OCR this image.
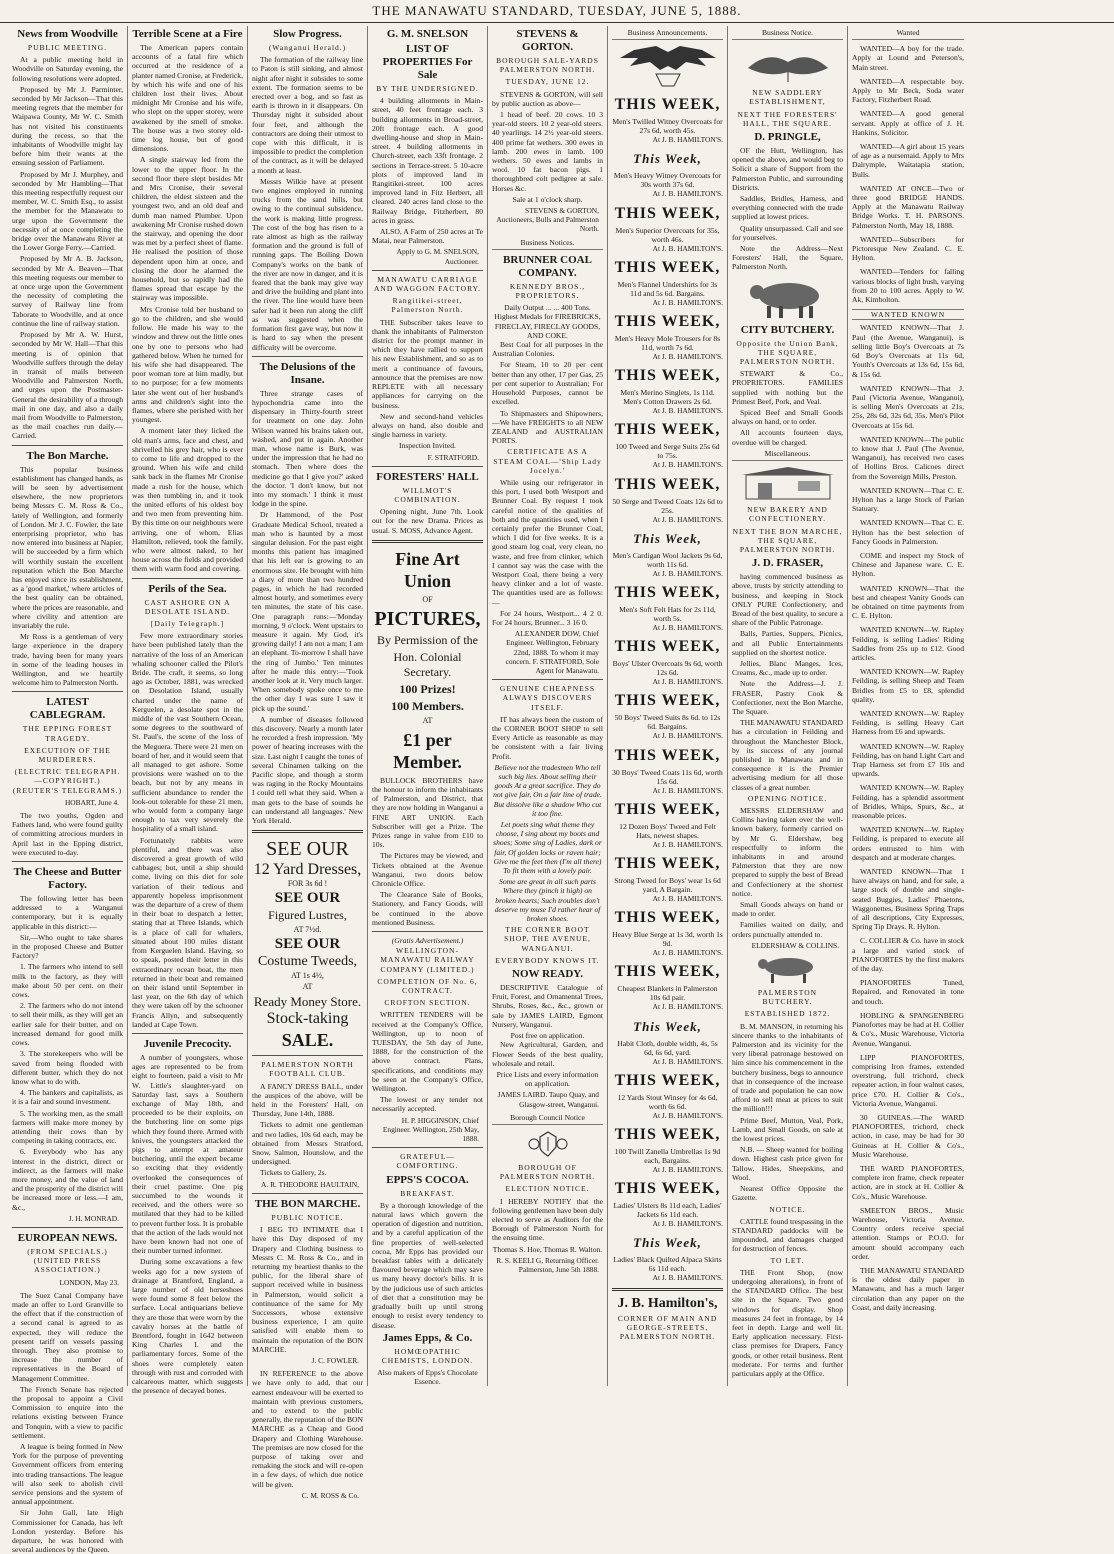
THE MANAWATU STANDARD, TUESDAY, JUNE 5, 1888.
News from Woodville
PUBLIC MEETING.

At a public meeting held in Woodville on Saturday evening, the following resolutions were adopted.

Proposed by Mr J. Parminter, seconded by Mr Jackson—That this meeting regrets that the member for Waipawa County, Mr W. C. Smith has not visited his constituents during the recess, so that the inhabitants of Woodville might lay before him their wants at the ensuing session of Parliament.

Proposed by Mr J. Murphey, and seconded by Mr Hambling—That this meeting respectfully request our member, W. C. Smith Esq., to assist the member for the Manawatu to urge upon the Government the necessity of at once completing the bridge over the Manawatu River at the Lower Gorge Ferry.—Carried.

Proposed by Mr A. B. Jackson, seconded by Mr A. Beaven—That this meeting requests our member to at once urge upon the Government the necessity of completing the survey of Railway line from Taborate to Woodville, and at once continue the line of railway station.

Proposed by Mr A. W. Hurst, seconded by Mr W. Hall—That this meeting is of opinion that Woodville suffers through the delay in transit of mails between Woodville and Palmerston North, and urges upon the Postmaster-General the desirability of a through mail in one day, and also a daily mail from Woodville to Palmerston, as the mail coaches run daily.—Carried.

The Bon Marche.

This popular business establishment has changed hands, as will be seen by advertisement elsewhere, the new proprietors being Messrs C. M. Ross & Co., lately of Wellington, and formerly of London. Mr J. C. Fowler, the late enterprising proprietor, who has now entered into business at Napier, will be succeeded by a firm which will worthily sustain the excellent reputation which the Bon Marche has enjoyed since its establishment, as a 'good market,' where articles of the best quality can be obtained, where the prices are reasonable, and where civility and attention are invariably the rule.

Mr Ross is a gentleman of very large experience in the drapery trade, having been for many years in some of the leading houses in Wellington, and we heartily welcome him to Palmerston North.

LATEST CABLEGRAM.
THE EPPING FOREST TRAGEDY.
EXECUTION OF THE MURDERERS.
(ELECTRIC TELEGRAPH.—COPYRIGHT.) (REUTER'S TELEGRAMS.)
HOBART, June 4.

The two youths, Ogden and Fathers land, who were found guilty of committing atrocious murders in April last in the Epping district, were executed to-day.

The Cheese and Butter Factory.

The following letter has been addressed to a Wanganui contemporary, but it is equally applicable in this district:—

Sir,—Who ought to take shares in the proposed Cheese and Butter Factory?

1. The farmers who intend to sell milk to the factory, as they will make about 50 per cent. on their cows.

2. The farmers who do not intend to sell their milk, as they will get an earlier sale for their butter, and on increased demand for good milk cows.

3. The storekeepers who will be saved from being flooded with different butter, which they do not know what to do with.

4. The bankers and capitalists, as it is a fair and sound investment.

5. The working men, as the small farmers will make more money by attending their cows than by competing in taking contracts, etc.

6. Everybody who has any interest in the district, direct or indirect, as the farmers will make more money, and the value of land and the prosperity of the district will be increased more or less.—I am, &c.,

J. H. MONRAD.
EUROPEAN NEWS.
(FROM SPECIALS.) (UNITED PRESS ASSOCIATION.)
LONDON, May 23.

The Suez Canal Company have made an offer to Lord Granville to the effect that if the construction of a second canal is agreed to as expected, they will reduce the present tariff on vessels passing through. They also promise to increase the number of representatives in the Board of Management Committee.

The French Senate has rejected the proposal to appoint a Civil Commission to enquire into the relations existing between France and Tonquin, with a view to pacific settlement.

A league is being formed in New York for the purpose of preventing Government officers from entering into trading transactions. The league will also seek to abolish civil service pensions and the system of annual appointment.

Sir John Gall, late High Commissioner for Canada, has left London yesterday. Before his departure, he was honored with several audiences by the Queen.

Terrible Scene at a Fire

The American papers contain accounts of a fatal fire which occurred at the residence of a planter named Cronise, at Frederick, by which his wife and one of his children lost their lives. About midnight Mr Cronise and his wife, who slept on the upper storey, were awakened by the smell of smoke. The house was a two storey old-time log house, but of good dimensions.

A single stairway led from the lower to the upper floor. In the second floor there slept besides Mr and Mrs Cronise, their several children, the eldest sixteen and the youngest two, and an old deaf and dumb man named Plumber. Upon awakening Mr Cronise rushed down the stairway, and opening the door was met by a perfect sheet of flame. He realised the position of those dependent upon him at once, and closing the door he alarmed the household, but so rapidly had the flames spread that escape by the stairway was impossible.

Mrs Cronise told her husband to go to the children, and she would follow. He made his way to the window and threw out the little ones one by one to persons who had gathered below. When he turned for his wife she had disappeared. The poor woman tore at him madly, but to no purpose; for a few moments later she went out of her husband's arms and children's sight into the flames, where she perished with her youngest.

A moment later they licked the old man's arms, face and chest, and shrivelled his grey hair, who is ever to come to life and dropped to the ground. When his wife and child sank back in the flames Mr Cronise made a rush for the house, which was then tumbling in, and it took the united efforts of his oldest boy and two men from preventing him. By this time on our neighbours were arriving, one of whom, Elias Hamilton, relieved, took the family, who were almost naked, to her house across the fields and provided them with warm food and covering.

Perils of the Sea.
CAST ASHORE ON A DESOLATE ISLAND.
[Daily Telegraph.]

Few more extraordinary stories have been published lately than the narrative of the loss of an American whaling schooner called the Pilot's Bride. The craft, it seems, so long ago as October, 1881, was wrecked on Desolation Island, usually charted under the name of Kerguelen, a desolate spot in the middle of the vast Southern Ocean, some degrees to the southward of St. Paul's, the scene of the loss of the Meguera. There were 21 men on board of her, and it would seem that all managed to get ashore. Some provisions were washed on to the beach, but not by any means in sufficient abundance to render the look-out tolerable for these 21 men, who would form a company large enough to tax very severely the hospitality of a small island.

Fortunately rabbits were plentiful, and there was also discovered a great growth of wild cabbages; but, until a ship should come, living on this diet for sole variation of their tedious and apparently hopeless imprisonment was the departure of a crew of them in their boat to despatch a letter, stating that at Three Islands, which is a place of call for whalers, situated about 100 miles distant from Kerguelen Island. Having, so to speak, posted their letter in this extraordinary ocean boat, the men returned in their boat and remained on their island until September in last year, on the 6th day of which they were taken off by the schooner Francis Allyn, and subsequently landed at Cape Town.

Juvenile Precocity.

A number of youngsters, whose ages are represented to be from eight to fourteen, paid a visit to Mr W. Little's slaughter-yard on Saturday last, says a Southern exchange of May 18th, and proceeded to be their exploits, on the butchering line on some pigs which they found there. Armed with knives, the youngsters attacked the pigs to attempt at amateur butchering, until the expert became so exciting that they evidently overlooked the consequences of their cruel pastime. One pig succumbed to the wounds it received, and the others were so mutilated that they had to be killed to prevent further loss. It is probable that the action of the lads would not have been known had not one of their number turned informer.

During some excavations a few weeks ago for a new system of drainage at Brantford, England, a large number of old horseshoes were found some 8 feet below the surface. Local antiquarians believe they are those that were worn by the cavalry horses at the battle of Brentford, fought in 1642 between King Charles I. and the parliamentary forces. Some of the shoes were completely eaten through with rust and corroded with calcareous matter, which suggests the presence of decayed bones.

Slow Progress.
(Wanganui Herald.)

The formation of the railway line to Paton is still sinking, and almost night after night it subsides to some extent. The formation seems to be erected over a bog, and so fast as earth is thrown in it disappears. On Thursday night it subsided about four feet, and although the contractors are doing their utmost to cope with this difficult, it is impossible to predict the completion of the contract, as it will be delayed a month at least.

Messrs Wilkie have at present two engines employed in running trucks from the sand hills, but owing to the continual subsidence, the work is making little progress. The cost of the bog has risen to a rate almost as high as the railway formation and the ground is full of running gaps. The Boiling Down Company's works on the bank of the river are now in danger, and it is feared that the bank may give way and drive the building and plant into the river. The line would have been safer had it been run along the cliff as was suggested when the formation first gave way, but now it is hard to say when the present difficulty will be overcome.

The Delusions of the Insane.

Three strange cases of hypochondria came into the dispensary in Thirty-fourth street for treatment on one day. John Wilson wanted his brains taken out, washed, and put in again. Another man, whose name is Burk, was under the impression that he had no stomach. Then where does the medicine go that I give you?' asked the doctor. 'I don't know, but not into my stomach.' I think it must lodge in the spine.

Dr Hammond, of the Post Graduate Medical School, treated a man who is haunted by a most singular delusion. For the past eight months this patient has imagined that his left ear is growing to an enormous size. He brought with him a diary of more than two hundred pages, in which he had recorded almost hourly, and sometimes every ten minutes, the state of his case. One paragraph runs:—'Monday morning, 9 o'clock. Went upstairs to measure it again. My God, it's growing daily! I am not a man; I am an elephant. To-morrow I shall have the ring of Jumbo.' Ten minutes after he made this entry:—'Took another look at it. Very much larger. When somebody spoke once to me the other day I was sure I saw it pick up the sound.'

A number of diseases followed this discovery. Nearly a month later he recorded a fresh impression. 'My power of hearing increases with the size. Last night I caught the tones of several Chinamen talking on the Pacific slope, and though a storm was raging in the Rocky Mountains I could tell what they said. When a man gets to the base of sounds he can understand all languages.' New York Herald.

SEE OUR
12 Yard Dresses,
FOR 3s 6d !
SEE OUR
Figured Lustres,
AT 7½d.
SEE OUR
Costume Tweeds,
AT 1s 4½,
AT
Ready Money Store.
Stock-taking
SALE.
PALMERSTON NORTH FOOTBALL CLUB.

A FANCY DRESS BALL, under the auspices of the above, will be held in the Foresters' Hall, on Thursday, June 14th, 1888.

Tickets to admit one gentleman and two ladies, 10s 6d each, may be obtained from Messrs Stratford, Snow, Salmon, Hounslow, and the undersigned.

Tickets to Gallery, 2s.

A. R. THEODORE HAULTAIN,
THE BON MARCHE.
PUBLIC NOTICE.

I BEG TO INTIMATE that I have this Day disposed of my Drapery and Clothing business to Messrs C. M. Ross & Co., and in returning my heartiest thanks to the public, for the liberal share of support received while in business in Palmerston, would solicit a continuance of the same for My Successors, whose extensive business experience, I am quite satisfied will enable them to maintain the reputation of the BON MARCHE.

J. C. FOWLER.

IN REFERENCE to the above we have only to add, that our earnest endeavour will be exerted to maintain with previous customers, and to extend to the public generally, the reputation of the BON MARCHE as a Cheap and Good Drapery and Clothing Warehouse. The premises are now closed for the purpose of taking over and remaking the stock and will re-open in a few days, of which due notice will be given.

C. M. ROSS & Co.
G. M. SNELSON
LIST OF PROPERTIES For Sale
BY THE UNDERSIGNED.

4 building allotments in Main-street, 40 feet frontage each. 3 building allotments in Broad-street, 20ft frontage each. A good dwelling-house and shop in Main-street. 4 building allotments in Church-street, each 33ft frontage. 2 sections in Terrace-street. 5 10-acre plots of improved land in Rangitikei-street. 100 acres improved land in Fitz Herbert, all cleared. 240 acres land close to the Railway Bridge, Fitzherbert, 80 acres in grass.

ALSO, A Farm of 250 acres at Te Matai, near Palmerston.

Apply to G. M. SNELSON, Auctioneer.
MANAWATU CARRIAGE AND WAGGON FACTORY.
Rangitikei-street, Palmerston North.

THE Subscriber takes leave to thank the inhabitants of Palmerston district for the prompt manner in which they have rallied to support his new Establishment, and so as to merit a continuance of favours, announce that the premises are now REPLETE with all necessary appliances for carrying on the business.

New and second-hand vehicles always on hand, also double and single harness in variety.

Inspection Invited.
F. STRATFORD.
FORESTERS' HALL
WILLMOT'S COMBINATION.

Opening night, June 7th. Look out for the new Drama. Prices as usual. S. MOSS, Advance Agent.

Fine Art Union
OF
PICTURES,
By Permission of the
Hon. Colonial Secretary.
100 Prizes!
100 Members.
AT
£1 per Member.

BULLOCK BROTHERS have the honour to inform the inhabitants of Palmerston, and District, that they are now holding in Wanganui a FINE ART UNION. Each Subscriber will get a Prize. The Prizes range in value from £10 to 10s.

The Pictures may be viewed, and Tickets obtained at the Avenue Wanganui, two doors below Chronicle Office.

The Clearance Sale of Books, Stationery, and Fancy Goods, will be continued in the above mentioned Business.

(Gratis Advertisement.)
WELLINGTON-MANAWATU RAILWAY COMPANY (LIMITED.)
COMPLETION OF No. 6, CONTRACT.
CROFTON SECTION.

WRITTEN TENDERS will be received at the Company's Office, Wellington, up to noon of TUESDAY, the 5th day of June, 1888, for the construction of the above contract. Plans, specifications, and conditions may be seen at the Company's Office, Wellington.

The lowest or any tender not necessarily accepted.

H. P. HIGGINSON, Chief Engineer. Wellington, 25th May, 1888.
GRATEFUL—COMFORTING.
EPPS'S COCOA.
BREAKFAST.

By a thorough knowledge of the natural laws which govern the operation of digestion and nutrition, and by a careful application of the fine properties of well-selected cocoa, Mr Epps has provided our breakfast tables with a delicately flavoured beverage which may save us many heavy doctor's bills. It is by the judicious use of such articles of diet that a constitution may be gradually built up until strong enough to resist every tendency to disease.

James Epps, & Co.
HOMŒOPATHIC CHEMISTS, LONDON.
Also makers of Epps's Chocolate Essence.
STEVENS & GORTON.
BOROUGH SALE-YARDS PALMERSTON NORTH.
TUESDAY, JUNE 12.

STEVENS & GORTON, will sell by public auction as above—

1 head of beef. 20 cows. 10 3 year-old steers. 10 2 year-old steers. 40 yearlings. 14 2½ year-old steers. 400 prime fat wethers. 300 ewes in lamb. 200 ewes in lamb. 100 wethers. 50 ewes and lambs in wool. 10 fat bacon pigs. 1 thoroughbred colt pedigree at sale. Horses &c.

Sale at 1 o'clock sharp.
STEVENS & GORTON, Auctioneers, Bulls and Palmerston North.
Business Notices.
BRUNNER COAL COMPANY.
KENNEDY BROS., PROPRIETORS.
Daily Output ... ... 400 Tons.
Highest Medals for FIREBRICKS, FIRECLAY, FIRECLAY GOODS, AND COKE.

Best Coal for all purposes in the Australian Colonies.

For Steam, 10 to 20 per cent better than any other, 17 per Gas, 25 per cent superior to Australian; For Household Purposes, cannot be excelled.

To Shipmasters and Shipowners,—We have FREIGHTS to all NEW ZEALAND and AUSTRALIAN PORTS.

CERTIFICATE AS A STEAM COAL—'Ship Lady Jocelyn.'

While using our refrigerator in this port, I used both Westport and Brunner Coal. By request I took careful notice of the qualities of both and the quantities used, when I certainly prefer the Brunner Coal, which I did for five weeks. It is a good steam log coal, very clean, no waste, and free from clinker, which I cannot say was the case with the Westport Coal, there being a very heavy clinker and a lot of waste. The quantities used are as follows:—

For 24 hours, Westport... 4 2 0. For 24 hours, Brunner... 3 16 0.

ALEXANDER DOW, Chief Engineer. Wellington, February 22nd, 1888. To whom it may concern. F. STRATFORD, Sole Agent for Manawatu.
GENUINE CHEAPNESS ALWAYS DISCOVERS ITSELF.

IT has always been the custom of the CORNER BOOT SHOP to sell Every Article as reasonable as may be consistent with a fair living Profit.

Believe not the tradesmen Who tell such big lies. About selling their goods At a great sacrifice. They do not give fair, On a fair line of trade. But dissolve like a shadow Who cut it too fine.

Let poets sing what theme they choose, I sing about my boots and shoes; Some sing of Ladies, dark or fair, Of golden locks or raven hair; Give me the feet then (I'm all there) To fit them with a lovely pair.

Some are great in all such parts Where they (pinch it high) on broken hearts; Such troubles don't deserve my muse I'd rather hear of broken shoes.

THE CORNER BOOT SHOP, THE AVENUE, WANGANUI.
EVERYBODY KNOWS IT.
NOW READY.

DESCRIPTIVE Catalogue of Fruit, Forest, and Ornamental Trees, Shrubs, Roses, &c., &c., grown or sale by JAMES LAIRD, Egmont Nursery, Wanganui.

Post free on application.

New Agricultural, Garden, and Flower Seeds of the best quality, wholesale and retail.

Price Lists and every information on application.
JAMES LAIRD. Taupo Quay, and Glasgow-street, Wanganui.
Borough Council Notice
BOROUGH OF PALMERSTON NORTH.
ELECTION NOTICE.

I HEREBY NOTIFY that the following gentlemen have been duly elected to serve as Auditors for the Borough of Palmerston North for the ensuing time.

Thomas S. Hoe, Thomas R. Walton.
R. S. KEELI G, Returning Officer. Palmerston, June 5th 1888.
Business Announcements.
THIS WEEK,
Men's Twilled Witney Overcoats for 27s 6d, worth 45s.
At J. B. HAMILTON'S.
This Week,
Men's Heavy Witney Overcoats for 30s worth 37s 6d.
At J. B. HAMILTON'S.
THIS WEEK,
Men's Superior Overcoats for 35s, worth 46s.
At J. B. HAMILTON'S.
THIS WEEK,
Men's Flannel Undershirts for 3s 11d and 5s 6d. Bargains.
At J. B. HAMILTON'S.
THIS WEEK,
Men's Heavy Mole Trousers for 8s 11d, worth 7s 6d.
At J. B. HAMILTON'S.
THIS WEEK,
Men's Merino Singlets, 1s 11d. Men's Cotton Drawers 2s 6d.
At J. B. HAMILTON'S.
THIS WEEK,
100 Tweed and Serge Suits 25s 6d to 75s.
At J. B. HAMILTON'S.
THIS WEEK,
50 Serge and Tweed Coats 12s 6d to 25s.
At J. B. HAMILTON'S.
This Week,
Men's Cardigan Wool Jackets 9s 6d, worth 11s 6d.
At J. B. HAMILTON'S.
THIS WEEK,
Men's Soft Felt Hats for 2s 11d, worth 5s.
At J. B. HAMILTON'S.
THIS WEEK,
Boys' Ulster Overcoats 9s 6d, worth 12s 6d.
At J. B. HAMILTON'S.
THIS WEEK,
50 Boys' Tweed Suits 8s 6d. to 12s 6d. Bargains.
At J. B. HAMILTON'S.
THIS WEEK,
30 Boys' Tweed Coats 11s 6d, worth 15s 6d.
At J. B. HAMILTON'S.
THIS WEEK,
12 Dozen Boys' Tweed and Felt Hats, newest shapes.
At J. B. HAMILTON'S.
THIS WEEK,
Strong Tweed for Boys' wear 1s 6d yard, A Bargain.
At J. B. HAMILTON'S.
THIS WEEK,
Heavy Blue Serge at 1s 3d, worth 1s 9d.
At J. B. HAMILTON'S.
THIS WEEK,
Cheapest Blankets in Palmerston 10s 6d pair.
At J. B. HAMILTON'S.
This Week,
Habit Cloth, double width, 4s, 5s 6d, 6s 6d, yard.
At J. B. HAMILTON'S.
THIS WEEK,
12 Yards Stout Winsey for 4s 6d, worth 6s 6d.
At J. B. HAMILTON'S.
THIS WEEK,
100 Twill Zanella Umbrellas 1s 9d each, Bargains.
At J. B. HAMILTON'S.
THIS WEEK,
Ladies' Ulsters 8s 11d each, Ladies' Jackets 6s 11d each.
At J. B. HAMILTON'S.
This Week,
Ladies' Black Quilted Alpaca Skirts 6s 11d each.
At J. B. HAMILTON'S.
J. B. Hamilton's,
CORNER OF MAIN AND GEORGE-STREETS, PALMERSTON NORTH.
Business Notice.
NEW SADDLERY ESTABLISHMENT,
NEXT THE FORESTERS' HALL, THE SQUARE.
D. PRINGLE,

OF the Hutt, Wellington, has opened the above, and would beg to Solicit a share of Support from the Palmerston Public, and surrounding Districts.

Saddles, Bridles, Harness, and everything connected with the trade supplied at lowest prices.

Quality unsurpassed. Call and see for yourselves.

Note the Address—Next Foresters' Hall, the Square, Palmerston North.

CITY BUTCHERY.
Opposite the Union Bank, THE SQUARE, PALMERSTON NORTH.

STEWART & Co., PROPRIETORS. FAMILIES supplied with nothing but the Primest Beef, Pork, and Veal.

Spiced Beef and Small Goods always on hand, or to order.

All accounts fourteen days, overdue will be charged.

Miscellaneous.
NEW BAKERY AND CONFECTIONERY.
NEXT THE BON MARCHE, THE SQUARE, PALMERSTON NORTH.
J. D. FRASER,

having commenced business as above, trusts by strictly attending to business, and keeping in Stock ONLY PURE Confectionery, and Bread of the best quality, to secure a share of the Public Patronage.

Balls, Parties, Suppers, Picnics, and all Public Entertainments supplied on the shortest notice.

Jellies, Blanc Manges, Ices, Creams, &c., made up to order.

Note the Address—J. J. FRASER, Pastry Cook & Confectioner, next the Bon Marche, The Square.

THE MANAWATU STANDARD has a circulation in Feilding and throughout the Manchester Block, by its success of any journal published in Manawatu and in consequence it is the Premier advertising medium for all those classes of a great number.

OPENING NOTICE.

MESSRS ELDERSHAW and Collins having taken over the well-known bakery, formerly carried on by Mr G. Eldershaw, beg respectfully to inform the inhabitants in and around Palmerston that they are now prepared to supply the best of Bread and Confectionery at the shortest notice.

Small Goods always on hand or made to order.

Families waited on daily, and orders punctually attended to.

ELDERSHAW & COLLINS.
PALMERSTON BUTCHERY.
ESTABLISHED 1872.

B. M. MANSON, in returning his sincere thanks to the inhabitants of Palmerston and its vicinity for the very liberal patronage bestowed on him since his commencement in the butchery business, begs to announce that in consequence of the increase of trade and population he can now afford to sell meat at prices to suit the million!!!

Prime Beef, Mutton, Veal, Pork, Lamb, and Small Goods, on sale at the lowest prices.

N.B. — Sheep wanted for boiling down. Highest cash price given for Tallow, Hides, Sheepskins, and Wool.

Nearest Office Opposite the Gazette.

NOTICE.

CATTLE found trespassing in the STANDARD paddocks will be impounded, and damages charged for destruction of fences.

TO LET.

THE Front Shop, (now undergoing alterations), in front of the STANDARD Office. The best site in the Square. Two good windows for display. Shop measures 24 feet in frontage, by 14 feet in depth. Large and well lit. Early application necessary. First-class premises for Drapers, Fancy goods, or other retail business. Rent moderate. For terms and further particulars apply at the Office.

Wanted

WANTED—A boy for the trade. Apply at Lound and Peterson's, Main street.

WANTED—A respectable boy. Apply to Mr Beck, Soda water Factory, Fitzherbert Road.

WANTED—A good general servant. Apply at office of J. H. Hankins, Solicitor.

WANTED—A girl about 15 years of age as a nursemaid. Apply to Mrs Dalrymple, Waitatapia station, Bulls.

WANTED AT ONCE—Two or three good BRIDGE HANDS. Apply at the Manawatu Railway Bridge Works. T. H. PARSONS. Palmerston North, May 18, 1888.

WANTED—Subscribers for Pictoresque New Zealand. C. E. Hylton.

WANTED—Tenders for falling various blocks of light bush, varying from 20 to 100 acres. Apply to W. Ak, Kimbolton.

WANTED KNOWN

WANTED KNOWN—That J. Paul (the Avenue, Wanganui), is selling little Boy's Overcoats at 7s 6d Boy's Overcoats at 11s 6d, Youth's Overcoats at 13s 6d, 15s 6d, & 15s 6d.

WANTED KNOWN—That J. Paul (Victoria Avenue, Wanganui), is selling Men's Overcoats at 21s, 25s, 28s 6d, 32s 6d, 35s. Men's Pilot Overcoats at 15s 6d.

WANTED KNOWN—The public to know that J. Paul (The Avenue, Wanganui), has received two cases of Hollins Bros. Calicoes direct from the Sovereign Mills, Preston.

WANTED KNOWN—That C. E. Hylton has a large Stock of Parian Statuary.

WANTED KNOWN—That C. E. Hylton has the best selection of Fancy Goods in Palmerston.

COME and inspect my Stock of Chinese and Japanese ware. C. E. Hylton.

WANTED KNOWN—That the best and cheapest Vanity Goods can be obtained on time payments from C. E. Hylton.

WANTED KNOWN—W. Rapley Feilding, is selling Ladies' Riding Saddles from 25s up to £12. Good articles.

WANTED KNOWN—W. Rapley Feilding, is selling Sheep and Team Bridles from £5 to £8, splendid quality.

WANTED KNOWN—W. Rapley Feilding, is selling Heavy Cart Harness from £6 and upwards.

WANTED KNOWN—W. Rapley Feilding, has on hand Light Cart and Trap Harness set from £7 10s and upwards.

WANTED KNOWN—W. Rapley Feilding, has a splendid assortment of Bridles, Whips, Spurs, &c., at reasonable prices.

WANTED KNOWN—W. Rapley Feilding, is prepared to execute all orders entrusted to him with despatch and at moderate charges.

WANTED KNOWN—That I have always on hand, and for sale, a large stock of double and single-seated Buggies, Ladies' Phaetons, Waggonettes, Business Spring Traps of all descriptions, City Expresses, Spring Tip Drays. R. Hylton.

C. COLLIER & Co. have in stock a large and varied stock of PIANOFORTES by the first makers of the day.

PIANOFORTES Tuned, Repaired, and Renovated in tone and touch.

HOBLING & SPANGENBERG Pianofortes may be had at H. Collier & Co's., Music Warehouse, Victoria Avenue, Wanganui.

LIPP PIANOFORTES, comprising Iron frames, extended overstrung, full trichord, check repeater action, in four walnut cases, price £70. H. Collier & Co's., Victoria Avenue, Wanganui.

30 GUINEAS.—The WARD PIANOFORTES, trichord, check action, in case, may be had for 30 Guineas at H. Collier & Co's., Music Warehouse.

THE WARD PIANOFORTES, complete iron frame, check repeater action, are in stock at H. Collier & Co's., Music Warehouse.

SMEETON BROS., Music Warehouse, Victoria Avenue. Country orders receive special attention. Stamps or P.O.O. for amount should accompany each order.

THE MANAWATU STANDARD is the oldest daily paper in Manawatu, and has a much larger circulation than any paper on the Coast, and daily increasing.
